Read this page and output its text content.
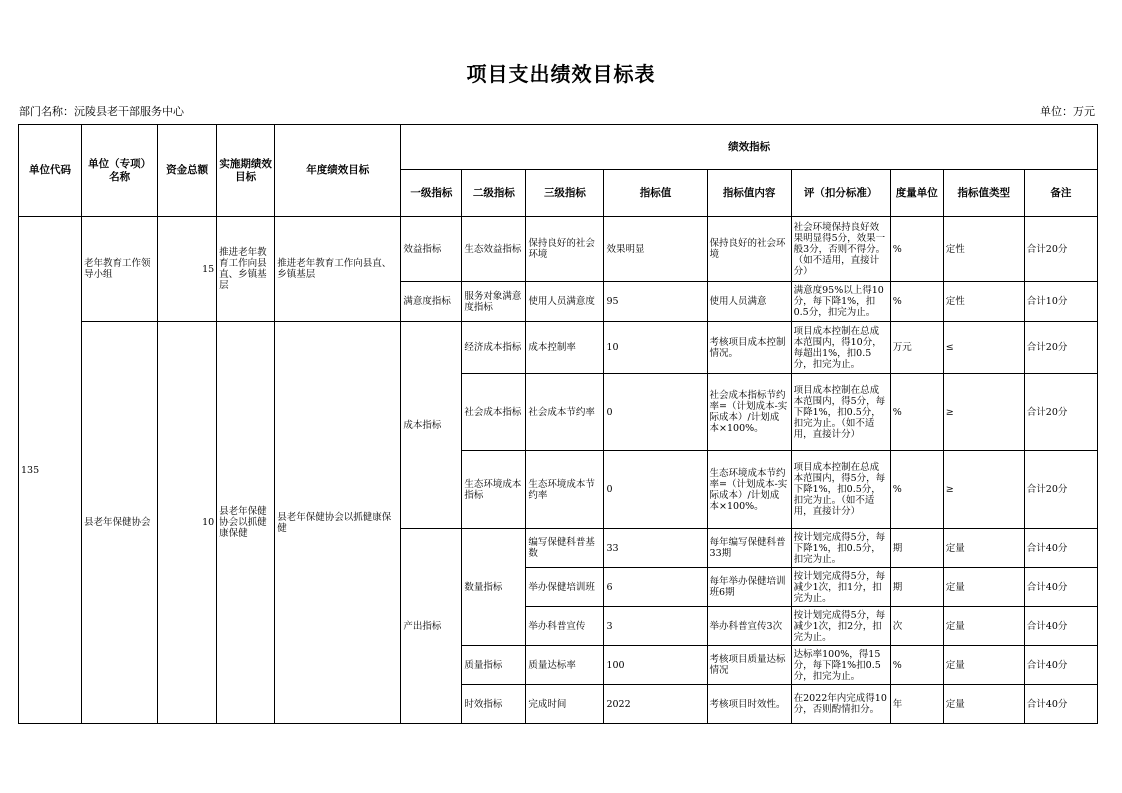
项目支出绩效目标表
部门名称：沅陵县老干部服务中心	单位：万元
单位代码	单位（专项）名称	资金总额	实施期绩效目标	年度绩效目标	绩效指标								
					一级指标	二级指标	三级指标	指标值	指标值内容	评（扣分标准）	度量单位	指标值类型	备注
135	老年教育工作领导小组	15	推进老年教育工作向县直、乡镇基层	推进老年教育工作向县直、乡镇基层	效益指标	生态效益指标	保持良好的社会环境	效果明显	保持良好的社会环境	社会环境保持良好效果明显得5分，效果一般3分，否则不得分。（如不适用，直接计分）	%	定性	合计20分
					满意度指标	服务对象满意度指标	使用人员满意度	95	使用人员满意	满意度95%以上得10分，每下降1%，扣0.5分，扣完为止。	%	定性	合计10分
	县老年保健协会	10	县老年保健协会以抓健康保健	县老年保健协会以抓健康保健	成本指标	经济成本指标	成本控制率	10	考核项目成本控制情况。	项目成本控制在总成本范围内，得10分，每超出1%，扣0.5分，扣完为止。	万元	≤	合计20分
						社会成本指标	社会成本节约率	0	社会成本指标节约率=（计划成本-实际成本）/计划成本×100%。	项目成本控制在总成本范围内，得5分，每下降1%，扣0.5分，扣完为止。（如不适用，直接计分）	%	≥	合计20分
						生态环境成本指标	生态环境成本节约率	0	生态环境成本节约率=（计划成本-实际成本）/计划成本×100%。	项目成本控制在总成本范围内，得5分，每下降1%，扣0.5分，扣完为止。（如不适用，直接计分）	%	≥	合计20分
					产出指标	数量指标	编写保健科普基数	33	每年编写保健科普 33期	按计划完成得5分，每下降1%，扣0.5分，扣完为止。	期	定量	合计40分
							举办保健培训班	6	每年举办保健培训班6期	按计划完成得5分，每减少1次，扣1分，扣完为止。	期	定量	合计40分
							举办科普宣传	3	举办科普宣传3次	按计划完成得5分，每减少1次，扣2分，扣完为止。	次	定量	合计40分
						质量指标	质量达标率	100	考核项目质量达标情况	达标率100%，得15分，每下降1%扣0.5分，扣完为止。	%	定量	合计40分
						时效指标	完成时间	2022	考核项目时效性。	在2022年内完成得10分，否则酌情扣分。	年	定量	合计40分
